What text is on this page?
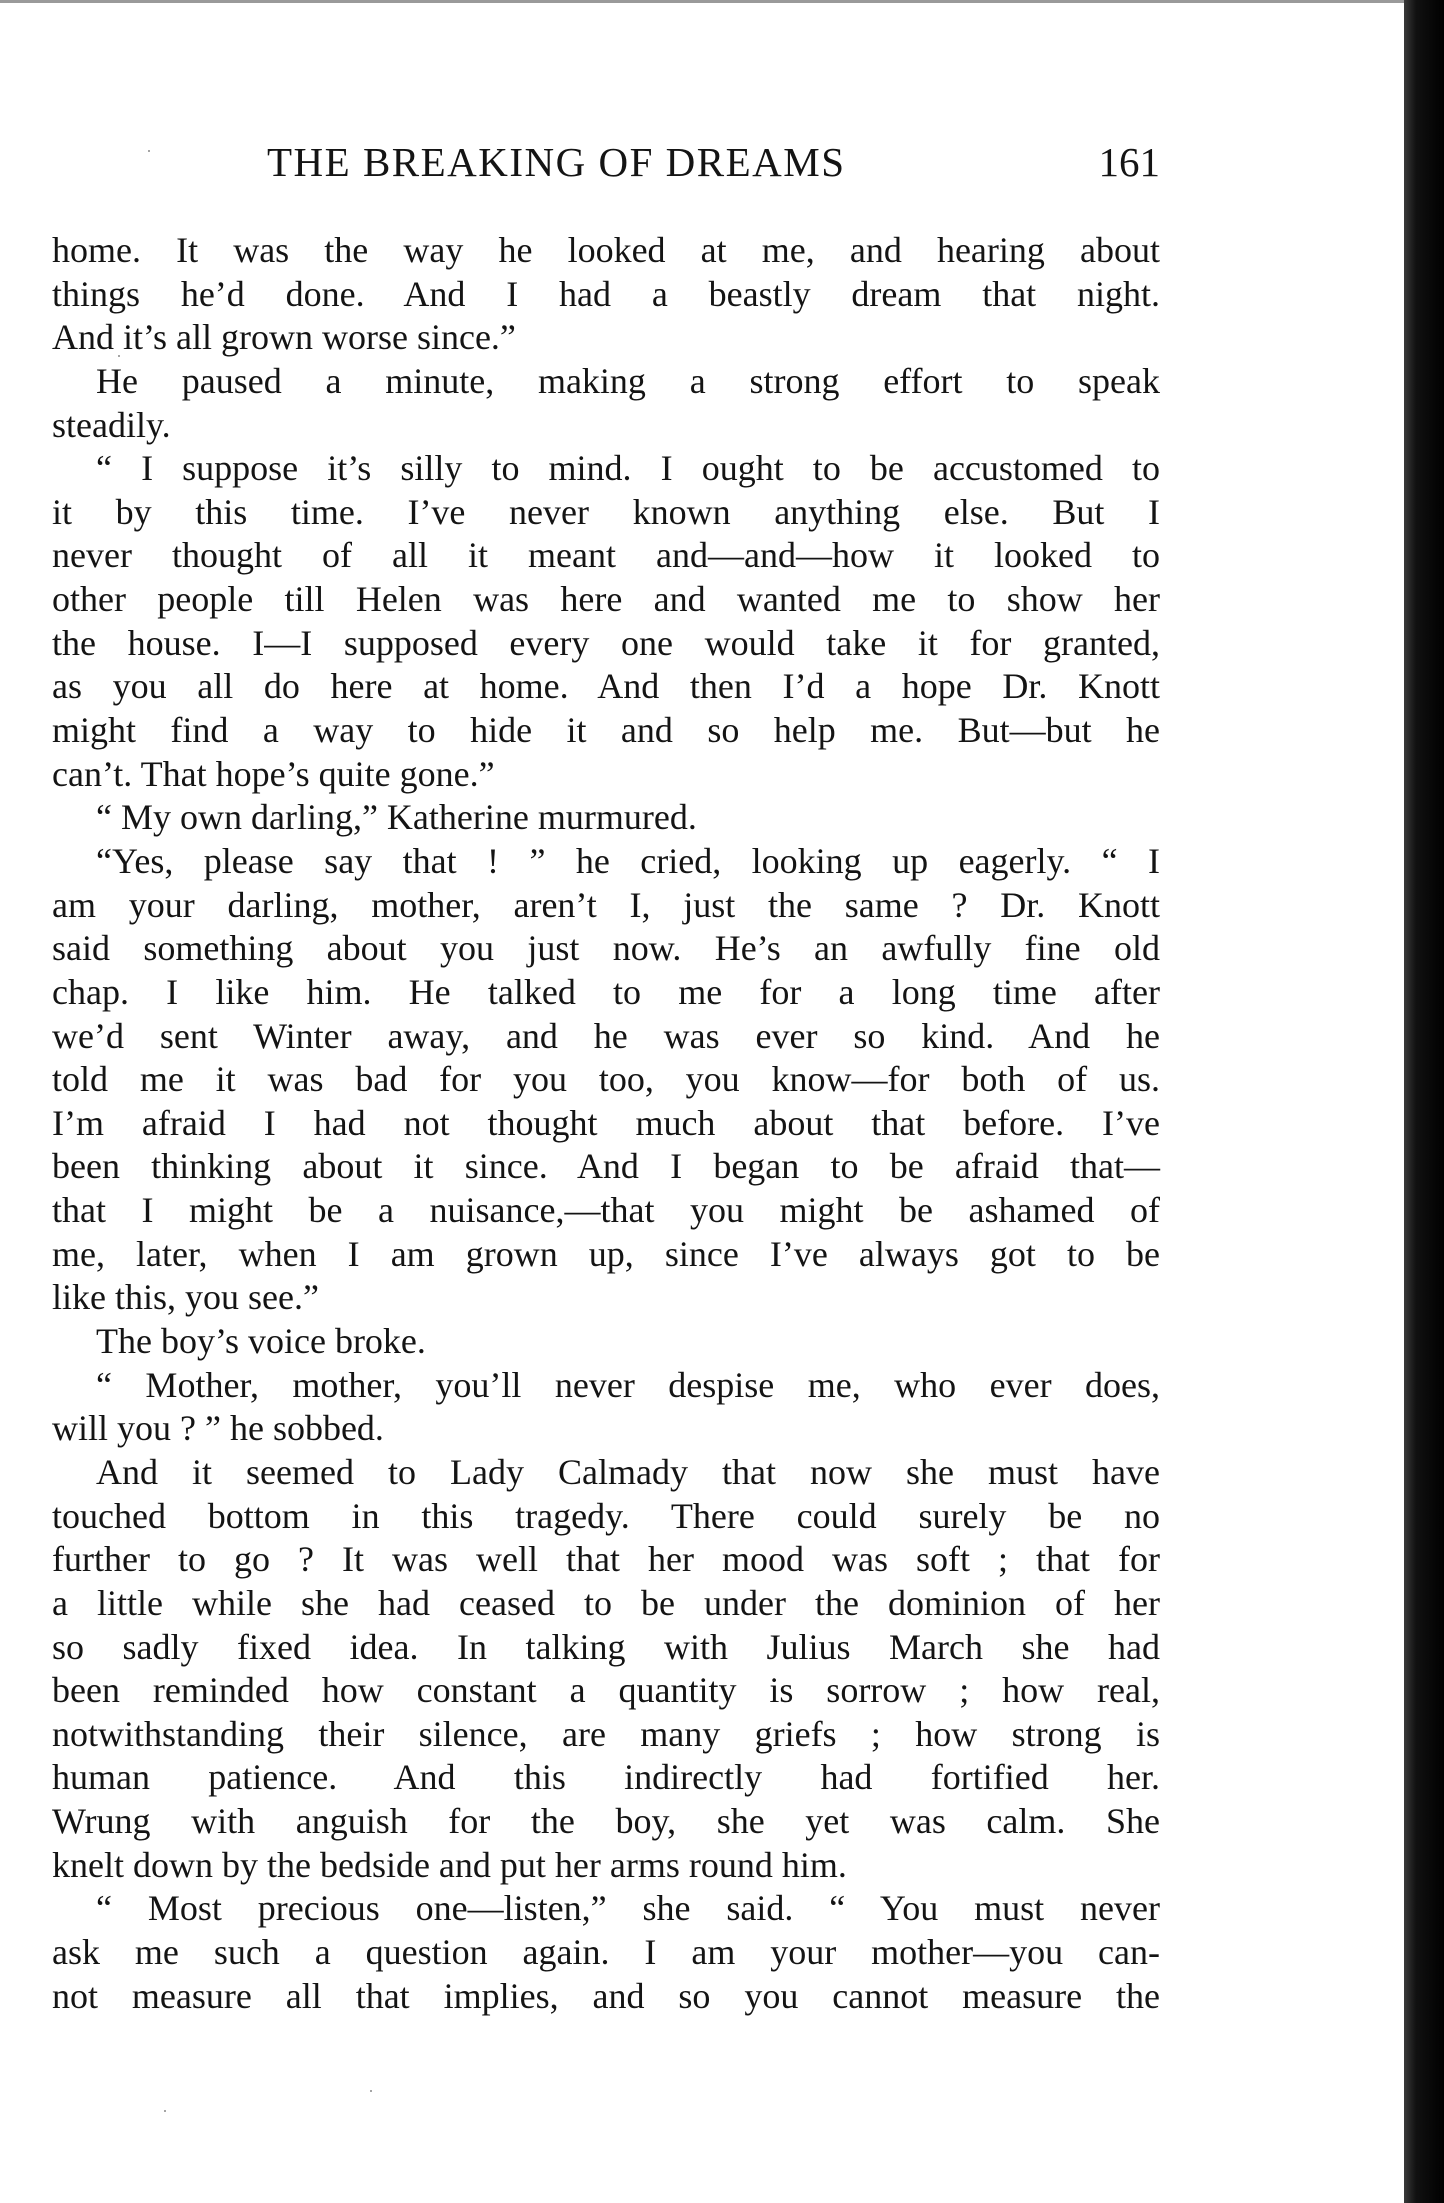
THE BREAKING OF DREAMS	161
home. It was the way he looked at me, and hearing about
things he’d done. And I had a beastly dream that night.
And it’s all grown worse since.”
He paused a minute, making a strong effort to speak
steadily.
“ I suppose it’s silly to mind. I ought to be accustomed to
it by this time. I’ve never known anything else. But I
never thought of all it meant and—and—how it looked to
other people till Helen was here and wanted me to show her
the house. I—I supposed every one would take it for granted,
as you all do here at home. And then I’d a hope Dr. Knott
might find a way to hide it and so help me. But—but he
can’t. That hope’s quite gone.”
“ My own darling,” Katherine murmured.
“Yes, please say that ! ” he cried, looking up eagerly. “ I
am your darling, mother, aren’t I, just the same ? Dr. Knott
said something about you just now. He’s an awfully fine old
chap. I like him. He talked to me for a long time after
we’d sent Winter away, and he was ever so kind. And he
told me it was bad for you too, you know—for both of us.
I’m afraid I had not thought much about that before. I’ve
been thinking about it since. And I began to be afraid that—
that I might be a nuisance,—that you might be ashamed of
me, later, when I am grown up, since I’ve always got to be
like this, you see.”
The boy’s voice broke.
“ Mother, mother, you’ll never despise me, who ever does,
will you ? ” he sobbed.
And it seemed to Lady Calmady that now she must have
touched bottom in this tragedy. There could surely be no
further to go ? It was well that her mood was soft ; that for
a little while she had ceased to be under the dominion of her
so sadly fixed idea. In talking with Julius March she had
been reminded how constant a quantity is sorrow ; how real,
notwithstanding their silence, are many griefs ; how strong is
human patience. And this indirectly had fortified her.
Wrung with anguish for the boy, she yet was calm. She
knelt down by the bedside and put her arms round him.
“ Most precious one—listen,” she said. “ You must never
ask me such a question again. I am your mother—you can-
not measure all that implies, and so you cannot measure the
